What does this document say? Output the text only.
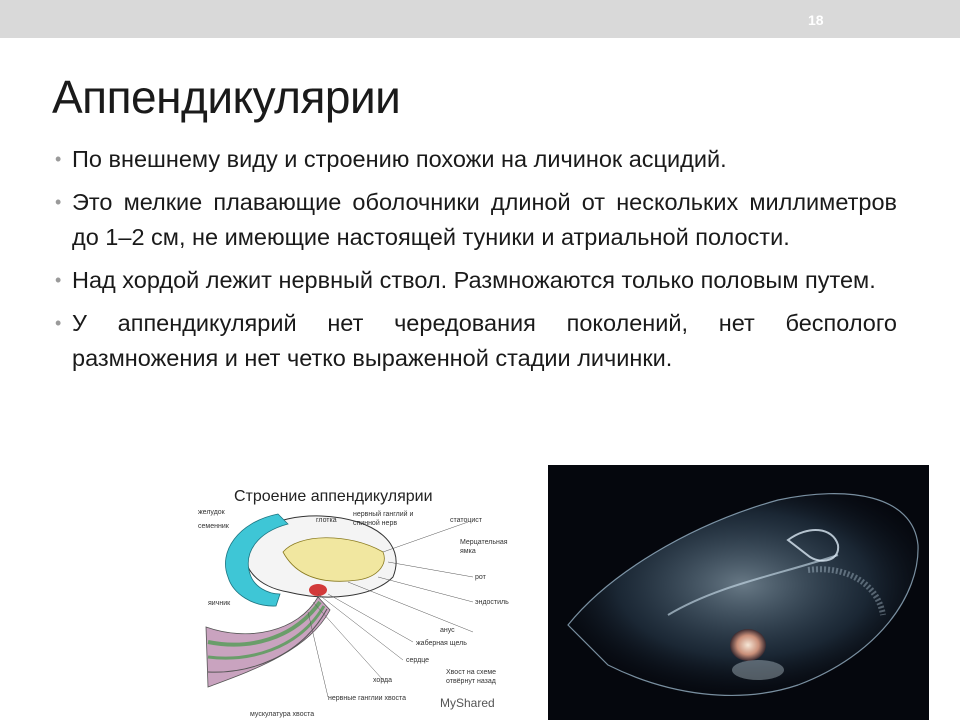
18
Аппендикулярии
• По внешнему виду и строению похожи на личинок асцидий.
• Это мелкие плавающие оболочники длиной от нескольких миллиметров до 1–2 см, не имеющие настоящей туники и атриальной полости.
• Над хордой лежит нервный ствол. Размножаются только половым путем.
• У аппендикулярий нет чередования поколений, нет бесполого размножения и нет четко выраженной стадии личинки.
Строение аппендикулярии
желудок
семенник
глотка
нервный ганглий и
спинной нерв	статоцист
Мерцательная
ямка
рот
эндостиль
яичник
анус
жаберная щель
сердце
хорда
Хвост на схеме
отвёрнут назад
нервные ганглии хвоста
мускулатура хвоста
MyShared
